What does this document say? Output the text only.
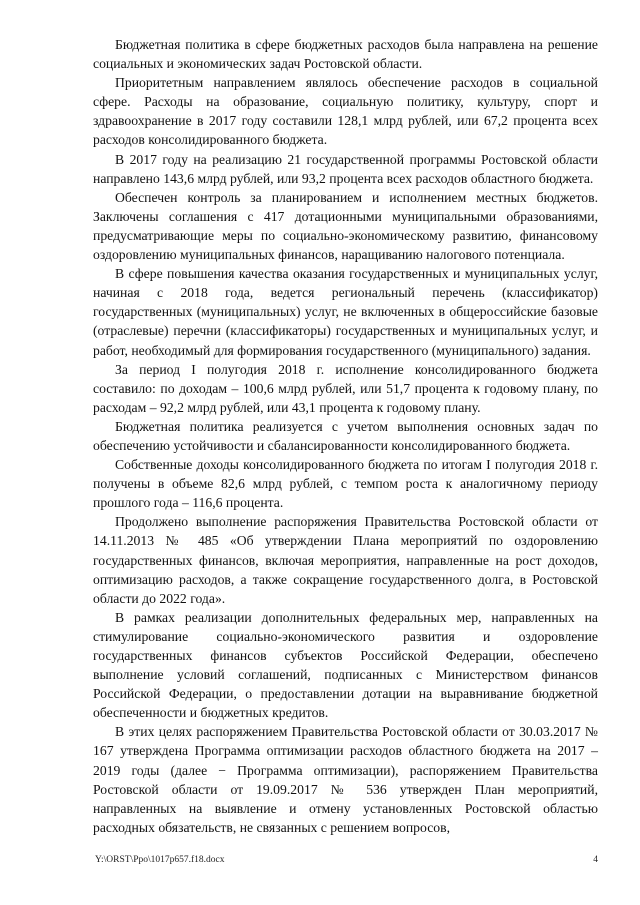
Бюджетная политика в сфере бюджетных расходов была направлена на решение социальных и экономических задач Ростовской области.

Приоритетным направлением являлось обеспечение расходов в социальной сфере. Расходы на образование, социальную политику, культуру, спорт и здравоохранение в 2017 году составили 128,1 млрд рублей, или 67,2 процента всех расходов консолидированного бюджета.

В 2017 году на реализацию 21 государственной программы Ростовской области направлено 143,6 млрд рублей, или 93,2 процента всех расходов областного бюджета.

Обеспечен контроль за планированием и исполнением местных бюджетов. Заключены соглашения с 417 дотационными муниципальными образованиями, предусматривающие меры по социально-экономическому развитию, финансовому оздоровлению муниципальных финансов, наращиванию налогового потенциала.

В сфере повышения качества оказания государственных и муниципальных услуг, начиная с 2018 года, ведется региональный перечень (классификатор) государственных (муниципальных) услуг, не включенных в общероссийские базовые (отраслевые) перечни (классификаторы) государственных и муниципальных услуг, и работ, необходимый для формирования государственного (муниципального) задания.

За период I полугодия 2018 г. исполнение консолидированного бюджета составило: по доходам – 100,6 млрд рублей, или 51,7 процента к годовому плану, по расходам – 92,2 млрд рублей, или 43,1 процента к годовому плану.

Бюджетная политика реализуется с учетом выполнения основных задач по обеспечению устойчивости и сбалансированности консолидированного бюджета.

Собственные доходы консолидированного бюджета по итогам I полугодия 2018 г. получены в объеме 82,6 млрд рублей, с темпом роста к аналогичному периоду прошлого года – 116,6 процента.

Продолжено выполнение распоряжения Правительства Ростовской области от 14.11.2013 № 485 «Об утверждении Плана мероприятий по оздоровлению государственных финансов, включая мероприятия, направленные на рост доходов, оптимизацию расходов, а также сокращение государственного долга, в Ростовской области до 2022 года».

В рамках реализации дополнительных федеральных мер, направленных на стимулирование социально-экономического развития и оздоровление государственных финансов субъектов Российской Федерации, обеспечено выполнение условий соглашений, подписанных с Министерством финансов Российской Федерации, о предоставлении дотации на выравнивание бюджетной обеспеченности и бюджетных кредитов.

В этих целях распоряжением Правительства Ростовской области от 30.03.2017 № 167 утверждена Программа оптимизации расходов областного бюджета на 2017 – 2019 годы (далее − Программа оптимизации), распоряжением Правительства Ростовской области от 19.09.2017 № 536 утвержден План мероприятий, направленных на выявление и отмену установленных Ростовской областью расходных обязательств, не связанных с решением вопросов,

Y:\ORST\Ppo\1017p657.f18.docx	4
